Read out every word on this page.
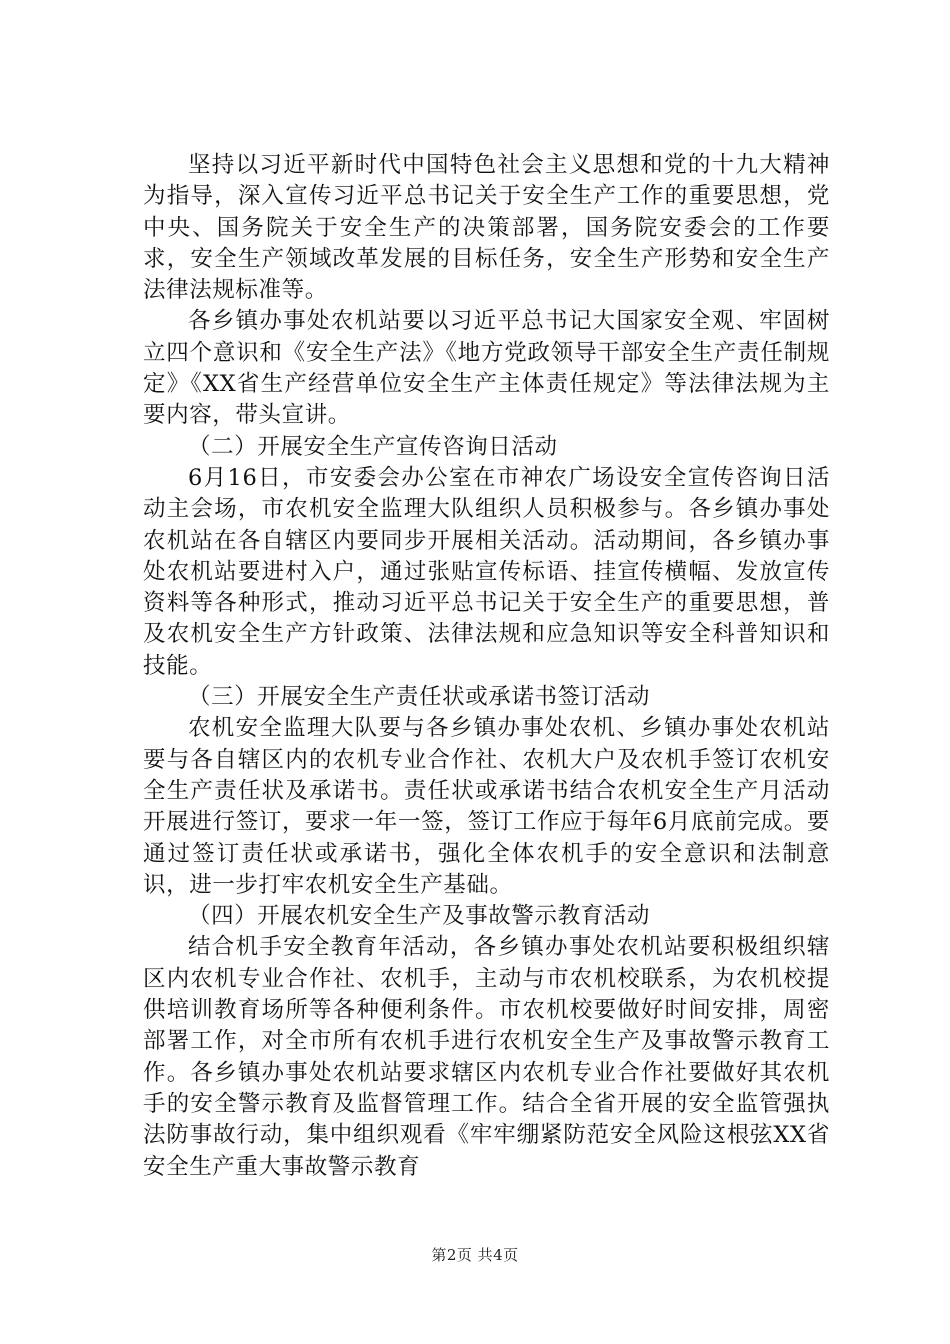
坚持以习近平新时代中国特色社会主义思想和党的十九大精神为指导，深入宣传习近平总书记关于安全生产工作的重要思想，党中央、国务院关于安全生产的决策部署，国务院安委会的工作要求，安全生产领域改革发展的目标任务，安全生产形势和安全生产法律法规标准等。

各乡镇办事处农机站要以习近平总书记大国家安全观、牢固树立四个意识和《安全生产法》《地方党政领导干部安全生产责任制规定》《XX省生产经营单位安全生产主体责任规定》等法律法规为主要内容，带头宣讲。

（二）开展安全生产宣传咨询日活动

6月16日，市安委会办公室在市神农广场设安全宣传咨询日活动主会场，市农机安全监理大队组织人员积极参与。各乡镇办事处农机站在各自辖区内要同步开展相关活动。活动期间，各乡镇办事处农机站要进村入户，通过张贴宣传标语、挂宣传横幅、发放宣传资料等各种形式，推动习近平总书记关于安全生产的重要思想，普及农机安全生产方针政策、法律法规和应急知识等安全科普知识和技能。

（三）开展安全生产责任状或承诺书签订活动

农机安全监理大队要与各乡镇办事处农机、乡镇办事处农机站要与各自辖区内的农机专业合作社、农机大户及农机手签订农机安全生产责任状及承诺书。责任状或承诺书结合农机安全生产月活动开展进行签订，要求一年一签，签订工作应于每年6月底前完成。要通过签订责任状或承诺书，强化全体农机手的安全意识和法制意识，进一步打牢农机安全生产基础。

（四）开展农机安全生产及事故警示教育活动

结合机手安全教育年活动，各乡镇办事处农机站要积极组织辖区内农机专业合作社、农机手，主动与市农机校联系，为农机校提供培训教育场所等各种便利条件。市农机校要做好时间安排，周密部署工作，对全市所有农机手进行农机安全生产及事故警示教育工作。各乡镇办事处农机站要求辖区内农机专业合作社要做好其农机手的安全警示教育及监督管理工作。结合全省开展的安全监管强执法防事故行动，集中组织观看《牢牢绷紧防范安全风险这根弦XX省安全生产重大事故警示教育

第2页 共4页
